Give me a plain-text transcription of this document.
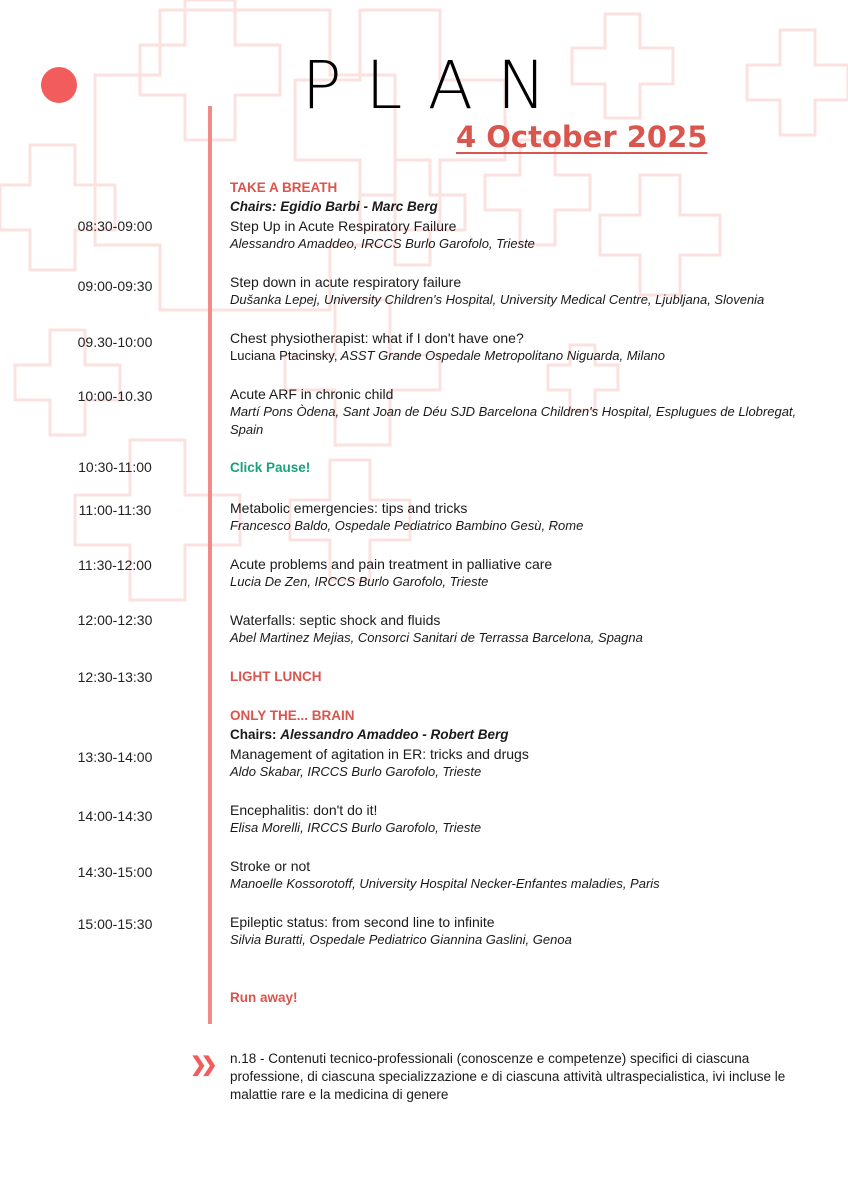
PLAN
4 October 2025
TAKE A BREATH
Chairs: Egidio Barbi - Marc Berg
08:30-09:00	Step Up in Acute Respiratory Failure
Alessandro Amaddeo, IRCCS Burlo Garofolo, Trieste
09:00-09:30	Step down in acute respiratory failure
Dušanka Lepej, University Children's Hospital, University Medical Centre, Ljubljana, Slovenia
09.30-10:00	Chest physiotherapist: what if I don't have one?
Luciana Ptacinsky, ASST Grande Ospedale Metropolitano Niguarda, Milano
10:00-10.30	Acute ARF in chronic child
Martí Pons Òdena, Sant Joan de Déu SJD Barcelona Children's Hospital, Esplugues de Llobregat, Spain
10:30-11:00	Click Pause!
11:00-11:30	Metabolic emergencies: tips and tricks
Francesco Baldo, Ospedale Pediatrico Bambino Gesù, Rome
11:30-12:00	Acute problems and pain treatment in palliative care
Lucia De Zen, IRCCS Burlo Garofolo, Trieste
12:00-12:30	Waterfalls: septic shock and fluids
Abel Martinez Mejias, Consorci Sanitari de Terrassa Barcelona, Spagna
12:30-13:30	LIGHT LUNCH
ONLY THE... BRAIN
Chairs: Alessandro Amaddeo - Robert Berg
13:30-14:00	Management of agitation in ER: tricks and drugs
Aldo Skabar, IRCCS Burlo Garofolo, Trieste
14:00-14:30	Encephalitis: don't do it!
Elisa Morelli, IRCCS Burlo Garofolo, Trieste
14:30-15:00	Stroke or not
Manoelle Kossorotoff, University Hospital Necker-Enfantes maladies, Paris
15:00-15:30	Epileptic status: from second line to infinite
Silvia Buratti, Ospedale Pediatrico Giannina Gaslini, Genoa
Run away!
❯❯ n.18 - Contenuti tecnico-professionali (conoscenze e competenze) specifici di ciascuna professione, di ciascuna specializzazione e di ciascuna attività ultraspecialistica, ivi incluse le malattie rare e la medicina di genere
